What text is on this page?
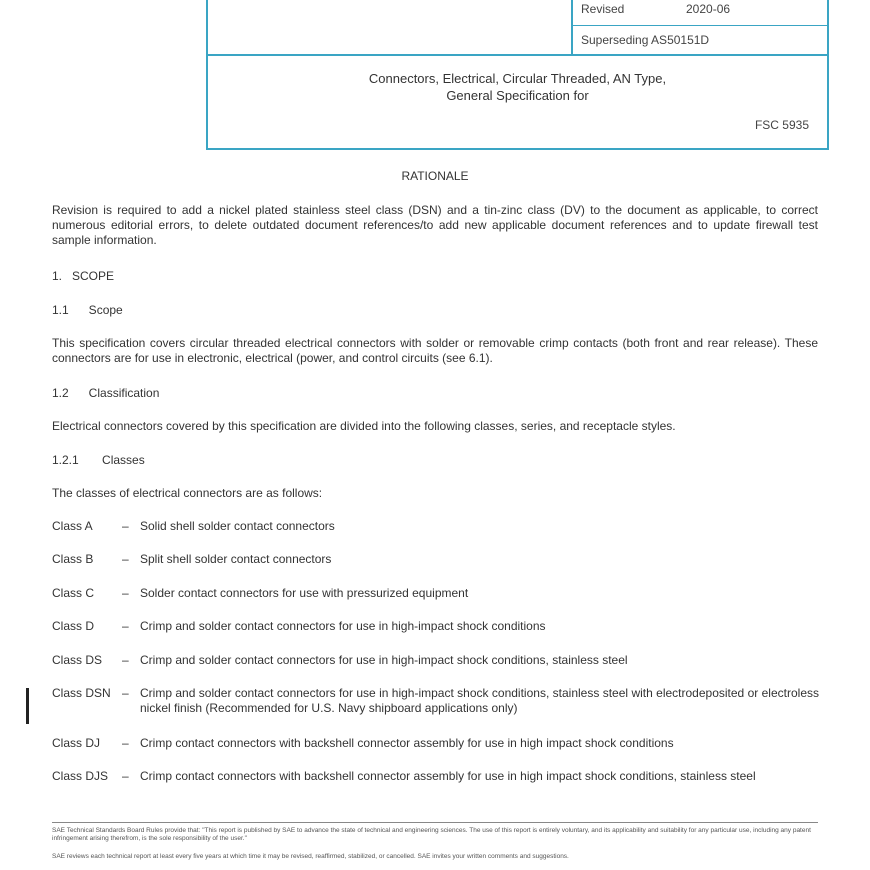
Revised	2020-06
Superseding AS50151D
Connectors, Electrical, Circular Threaded, AN Type,
General Specification for
FSC 5935
RATIONALE
Revision is required to add a nickel plated stainless steel class (DSN) and a tin-zinc class (DV) to the document as applicable, to correct numerous editorial errors, to delete outdated document references/to add new applicable document references and to update firewall test sample information.
1.   SCOPE
1.1      Scope
This specification covers circular threaded electrical connectors with solder or removable crimp contacts (both front and rear release). These connectors are for use in electronic, electrical (power, and control circuits (see 6.1).
1.2      Classification
Electrical connectors covered by this specification are divided into the following classes, series, and receptacle styles.
1.2.1       Classes
The classes of electrical connectors are as follows:
Class A – Solid shell solder contact connectors
Class B – Split shell solder contact connectors
Class C – Solder contact connectors for use with pressurized equipment
Class D – Crimp and solder contact connectors for use in high-impact shock conditions
Class DS – Crimp and solder contact connectors for use in high-impact shock conditions, stainless steel
Class DSN – Crimp and solder contact connectors for use in high-impact shock conditions, stainless steel with electrodeposited or electroless nickel finish (Recommended for U.S. Navy shipboard applications only)
Class DJ – Crimp contact connectors with backshell connector assembly for use in high impact shock conditions
Class DJS – Crimp contact connectors with backshell connector assembly for use in high impact shock conditions, stainless steel
SAE Technical Standards Board Rules provide that: "This report is published by SAE to advance the state of technical and engineering sciences. The use of this report is entirely voluntary, and its applicability and suitability for any particular use, including any patent infringement arising therefrom, is the sole responsibility of the user."
SAE reviews each technical report at least every five years at which time it may be revised, reaffirmed, stabilized, or cancelled. SAE invites your written comments and suggestions.
